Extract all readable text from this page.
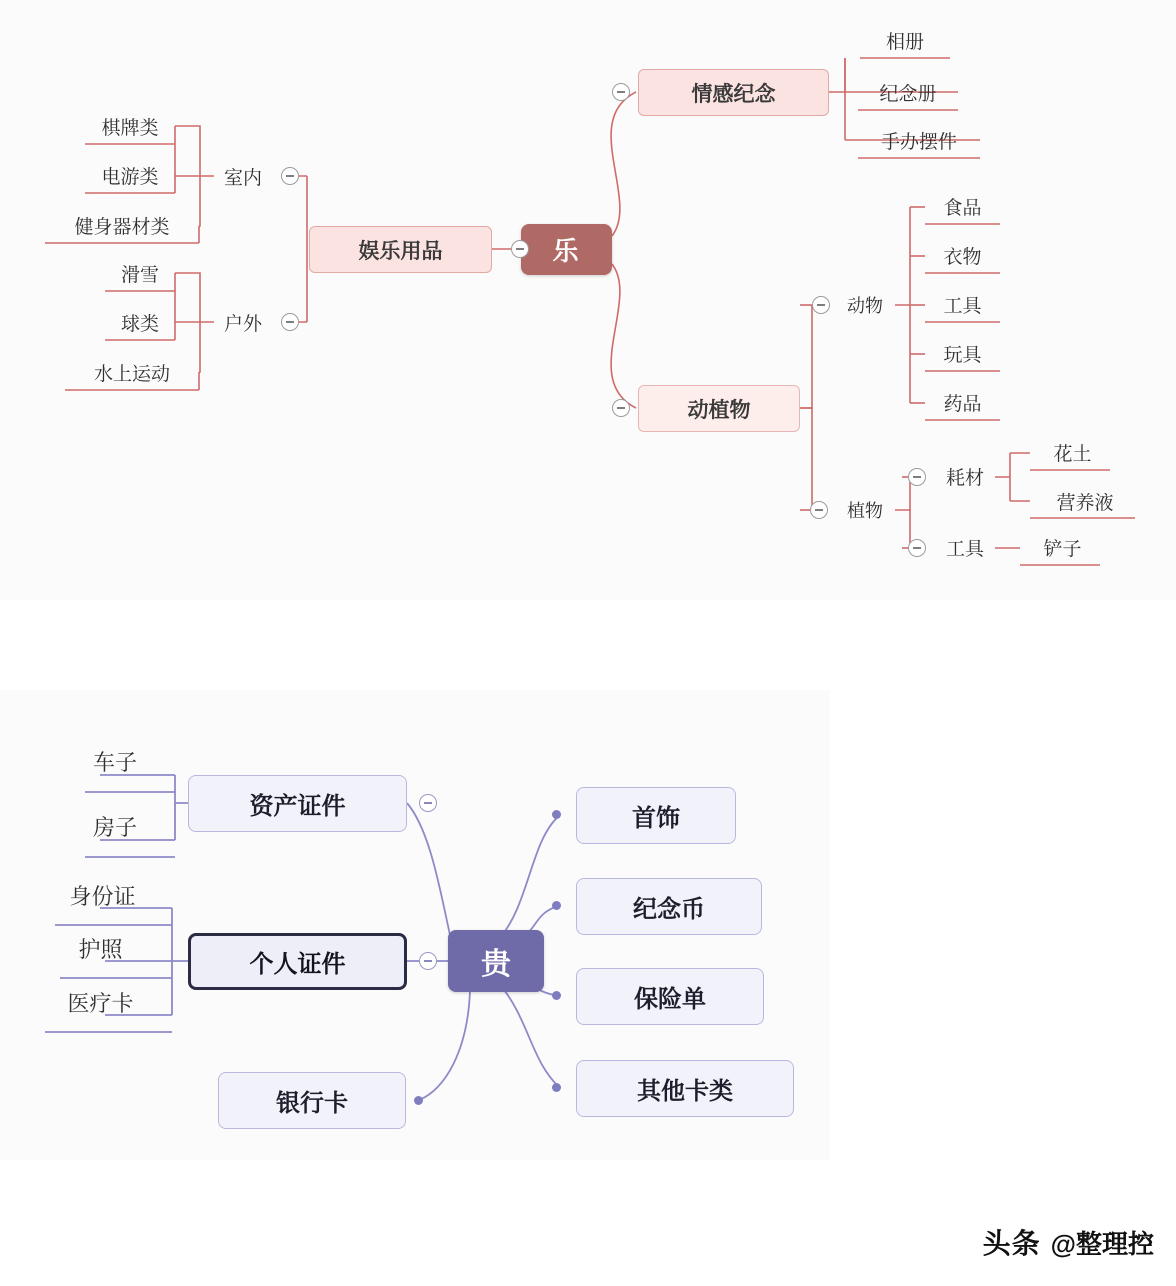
乐
娱乐用品
室内
户外
棋牌类
电游类
健身器材类
滑雪
球类
水上运动
情感纪念
相册
纪念册
手办摆件
动植物
动物
食品
衣物
工具
玩具
药品
植物
耗材
花土
营养液
工具	铲子
贵
资产证件
车子
房子
个人证件
身份证
护照
医疗卡
银行卡
首饰
纪念币
保险单
其他卡类
头条 @整理控
